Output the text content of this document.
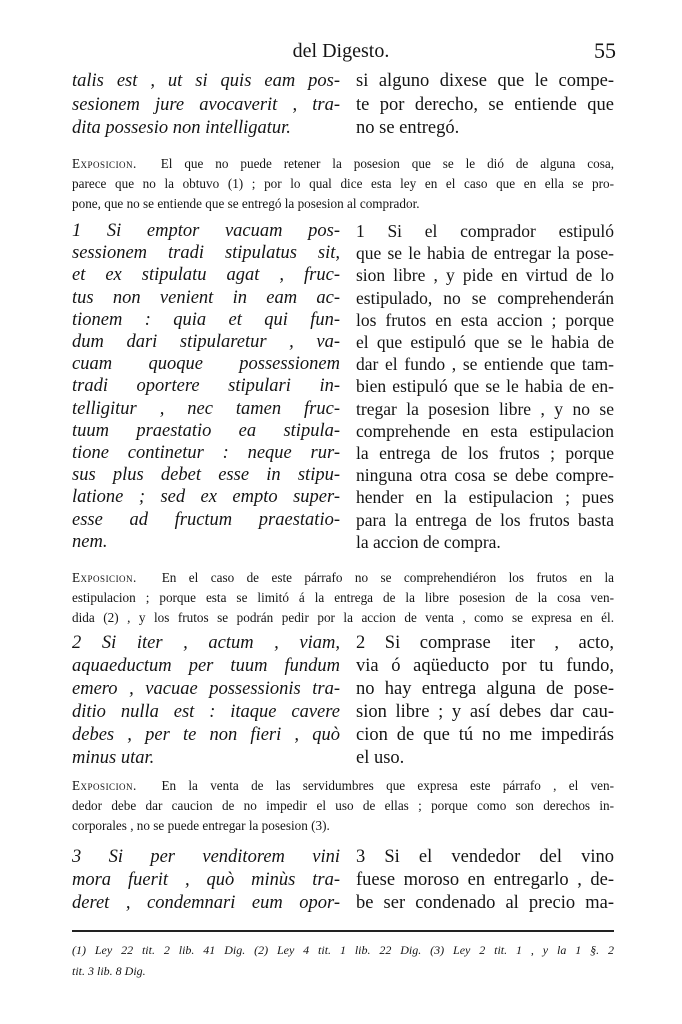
del Digesto.	55
talis est , ut si quis eam pos-
sesionem jure avocaverit , tra-
dita possesio non intelligatur.
si alguno dixese que le compe-
te por derecho, se entiende que
no se entregó.
Exposicion. El que no puede retener la posesion que se le dió de alguna cosa,
parece que no la obtuvo (1) ; por lo qual dice esta ley en el caso que en ella se pro-
pone, que no se entiende que se entregó la posesion al comprador.
1 Si emptor vacuam pos-
sessionem tradi stipulatus sit,
et ex stipulatu agat , fruc-
tus non venient in eam ac-
tionem : quia et qui fun-
dum dari stipularetur , va-
cuam quoque possessionem
tradi oportere stipulari in-
telligitur , nec tamen fruc-
tuum praestatio ea stipula-
tione continetur : neque rur-
sus plus debet esse in stipu-
latione ; sed ex empto super-
esse ad fructum praestatio-
nem.
1 Si el comprador estipuló
que se le habia de entregar la pose-
sion libre , y pide en virtud de lo
estipulado, no se comprehenderán
los frutos en esta accion ; porque
el que estipuló que se le habia de
dar el fundo , se entiende que tam-
bien estipuló que se le habia de en-
tregar la posesion libre , y no se
comprehende en esta estipulacion
la entrega de los frutos ; porque
ninguna otra cosa se debe compre-
hender en la estipulacion ; pues
para la entrega de los frutos basta
la accion de compra.
Exposicion. En el caso de este párrafo no se comprehendiéron los frutos en la
estipulacion ; porque esta se limitó á la entrega de la libre posesion de la cosa ven-
dida (2) , y los frutos se podrán pedir por la accion de venta , como se expresa en él.
2 Si iter , actum , viam,
aquaeductum per tuum fundum
emero , vacuae possessionis tra-
ditio nulla est : itaque cavere
debes , per te non fieri , quò
minus utar.
2 Si comprase iter , acto,
via ó aqüeducto por tu fundo,
no hay entrega alguna de pose-
sion libre ; y así debes dar cau-
cion de que tú no me impedirás
el uso.
Exposicion. En la venta de las servidumbres que expresa este párrafo , el ven-
dedor debe dar caucion de no impedir el uso de ellas ; porque como son derechos in-
corporales , no se puede entregar la posesion (3).
3 Si per venditorem vini
mora fuerit , quò minùs tra-
deret , condemnari eum opor-
3 Si el vendedor del vino
fuese moroso en entregarlo , de-
be ser condenado al precio ma-
(1) Ley 22 tit. 2 lib. 41 Dig. (2) Ley 4 tit. 1 lib. 22 Dig. (3) Ley 2 tit. 1 , y la 1 §. 2
tit. 3 lib. 8 Dig.
